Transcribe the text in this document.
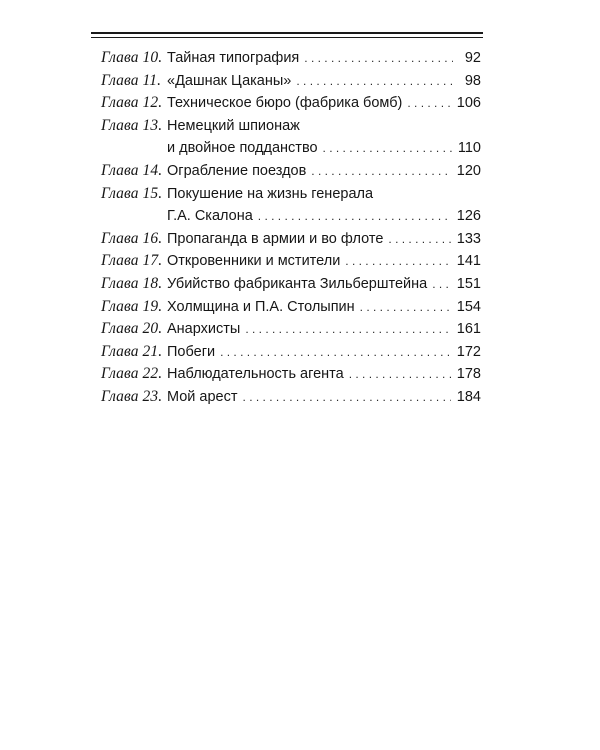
Глава 10. Тайная типография . . .	92
Глава 11. «Дашнак Цаканы» . . .	98
Глава 12. Техническое бюро (фабрика бомб) . . .	106
Глава 13. Немецкий шпионаж
и двойное подданство . . .	110
Глава 14. Ограбление поездов . . .	120
Глава 15. Покушение на жизнь генерала
Г.А. Скалона . . .	126
Глава 16. Пропаганда в армии и во флоте . . .	133
Глава 17. Откровенники и мстители . . .	141
Глава 18. Убийство фабриканта Зильберштейна . . . 151
Глава 19. Холмщина и П.А. Столыпин . . .	154
Глава 20. Анархисты . . .	161
Глава 21. Побеги . . .	172
Глава 22. Наблюдательность агента . . .	178
Глава 23. Мой арест . . .	184
